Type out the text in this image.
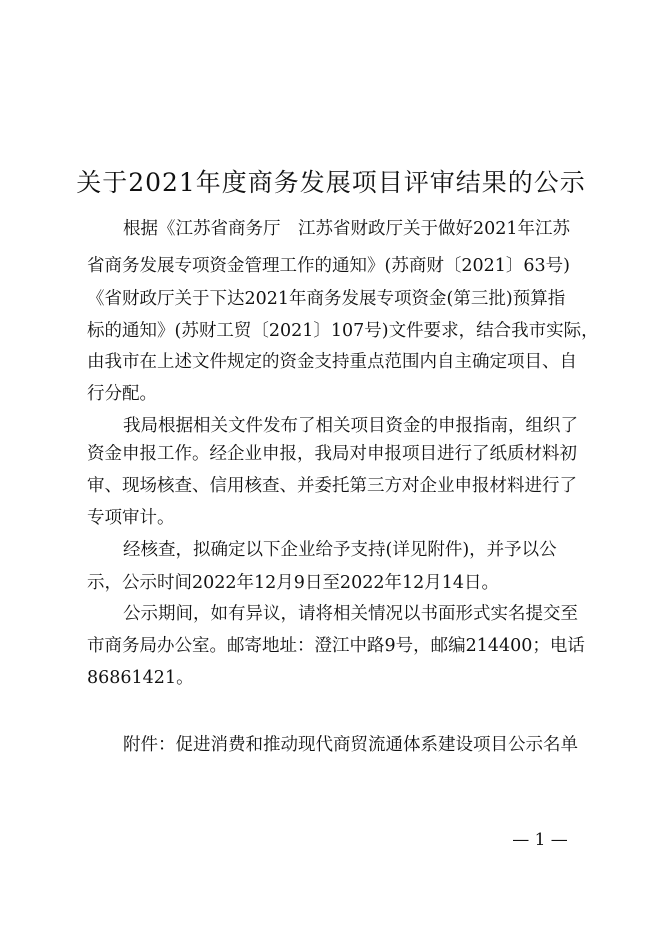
关于2021年度商务发展项目评审结果的公示
根据《江苏省商务厅　江苏省财政厅关于做好2021年江苏
省商务发展专项资金管理工作的通知》(苏商财〔2021〕63号)
《省财政厅关于下达2021年商务发展专项资金(第三批)预算指
标的通知》(苏财工贸〔2021〕107号)文件要求，结合我市实际，
由我市在上述文件规定的资金支持重点范围内自主确定项目、自
行分配。
我局根据相关文件发布了相关项目资金的申报指南，组织了
资金申报工作。经企业申报，我局对申报项目进行了纸质材料初
审、现场核查、信用核查、并委托第三方对企业申报材料进行了
专项审计。
经核查，拟确定以下企业给予支持(详见附件)，并予以公
示，公示时间2022年12月9日至2022年12月14日。
公示期间，如有异议，请将相关情况以书面形式实名提交至
市商务局办公室。邮寄地址：澄江中路9号，邮编214400；电话
86861421。
附件：促进消费和推动现代商贸流通体系建设项目公示名单
— 1 —
